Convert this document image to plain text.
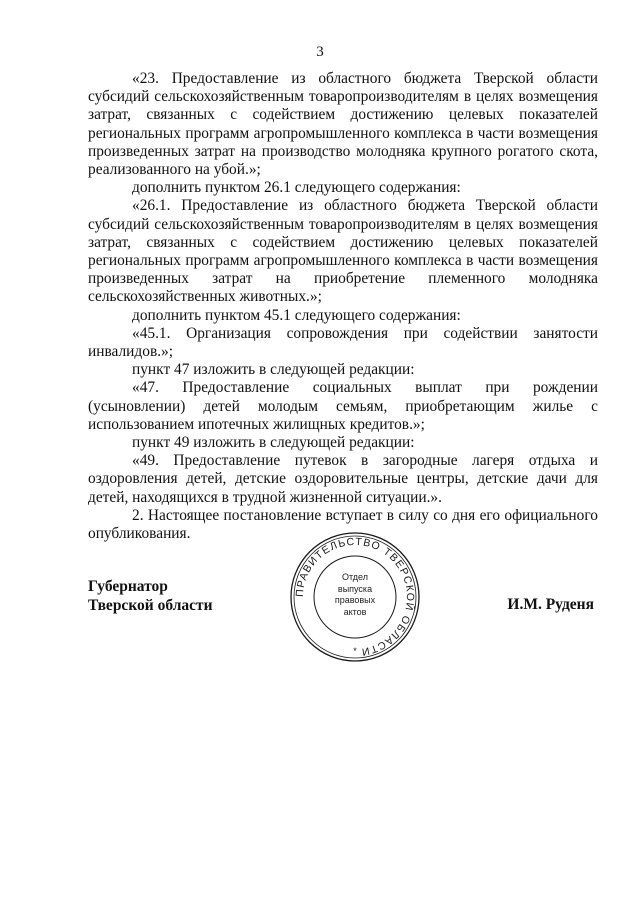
3

«23. Предоставление из областного бюджета Тверской области субсидий сельскохозяйственным товаропроизводителям в целях возмещения затрат, связанных с содействием достижению целевых показателей региональных программ агропромышленного комплекса в части возмещения произведенных затрат на производство молодняка крупного рогатого скота, реализованного на убой.»;

дополнить пунктом 26.1 следующего содержания:

«26.1. Предоставление из областного бюджета Тверской области субсидий сельскохозяйственным товаропроизводителям в целях возмещения затрат, связанных с содействием достижению целевых показателей региональных программ агропромышленного комплекса в части возмещения произведенных затрат на приобретение племенного молодняка сельскохозяйственных животных.»;

дополнить пунктом 45.1 следующего содержания:

«45.1. Организация сопровождения при содействии занятости инвалидов.»;

пункт 47 изложить в следующей редакции:

«47. Предоставление социальных выплат при рождении (усыновлении) детей молодым семьям, приобретающим жилье с использованием ипотечных жилищных кредитов.»;

пункт 49 изложить в следующей редакции:

«49. Предоставление путевок в загородные лагеря отдыха и оздоровления детей, детские оздоровительные центры, детские дачи для детей, находящихся в трудной жизненной ситуации.».

2. Настоящее постановление вступает в силу со дня его официального опубликования.

Губернатор
Тверской области
ПРАВИТЕЛЬСТВО ТВЕРСКОЙ ОБЛАСТИ
*
Отдел
выпуска
правовых
актов	И.М. Руденя
